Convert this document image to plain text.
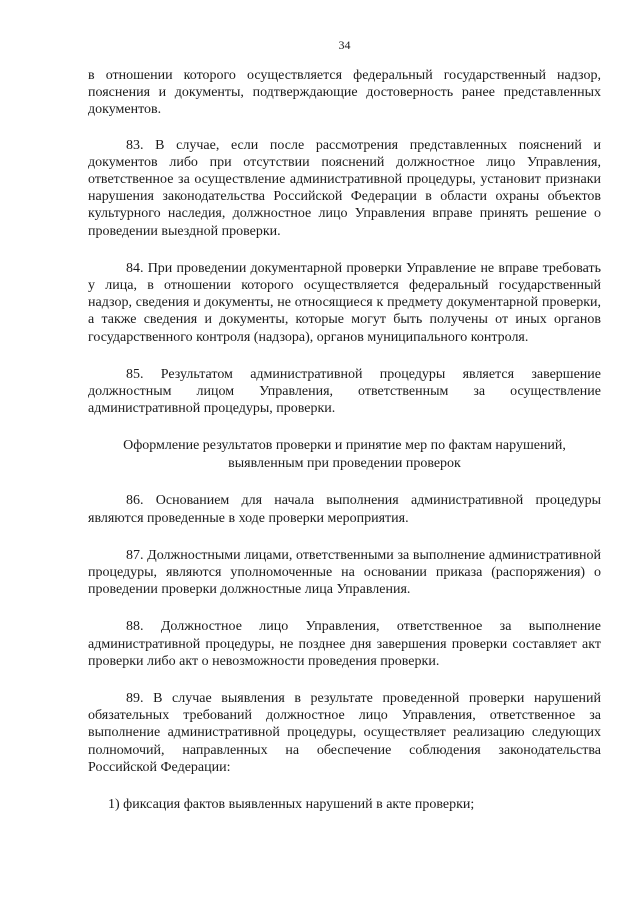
34

в отношении которого осуществляется федеральный государственный надзор, пояснения и документы, подтверждающие достоверность ранее представленных документов.

83. В случае, если после рассмотрения представленных пояснений и документов либо при отсутствии пояснений должностное лицо Управления, ответственное за осуществление административной процедуры, установит признаки нарушения законодательства Российской Федерации в области охраны объектов культурного наследия, должностное лицо Управления вправе принять решение о проведении выездной проверки.

84. При проведении документарной проверки Управление не вправе требовать у лица, в отношении которого осуществляется федеральный государственный надзор, сведения и документы, не относящиеся к предмету документарной проверки, а также сведения и документы, которые могут быть получены от иных органов государственного контроля (надзора), органов муниципального контроля.

85. Результатом административной процедуры является завершение должностным лицом Управления, ответственным за осуществление административной процедуры, проверки.

Оформление результатов проверки и принятие мер по фактам нарушений,
выявленным при проведении проверок

86. Основанием для начала выполнения административной процедуры являются проведенные в ходе проверки мероприятия.

87. Должностными лицами, ответственными за выполнение административной процедуры, являются уполномоченные на основании приказа (распоряжения) о проведении проверки должностные лица Управления.

88. Должностное лицо Управления, ответственное за выполнение административной процедуры, не позднее дня завершения проверки составляет акт проверки либо акт о невозможности проведения проверки.

89. В случае выявления в результате проведенной проверки нарушений обязательных требований должностное лицо Управления, ответственное за выполнение административной процедуры, осуществляет реализацию следующих полномочий, направленных на обеспечение соблюдения законодательства Российской Федерации:

1) фиксация фактов выявленных нарушений в акте проверки;
